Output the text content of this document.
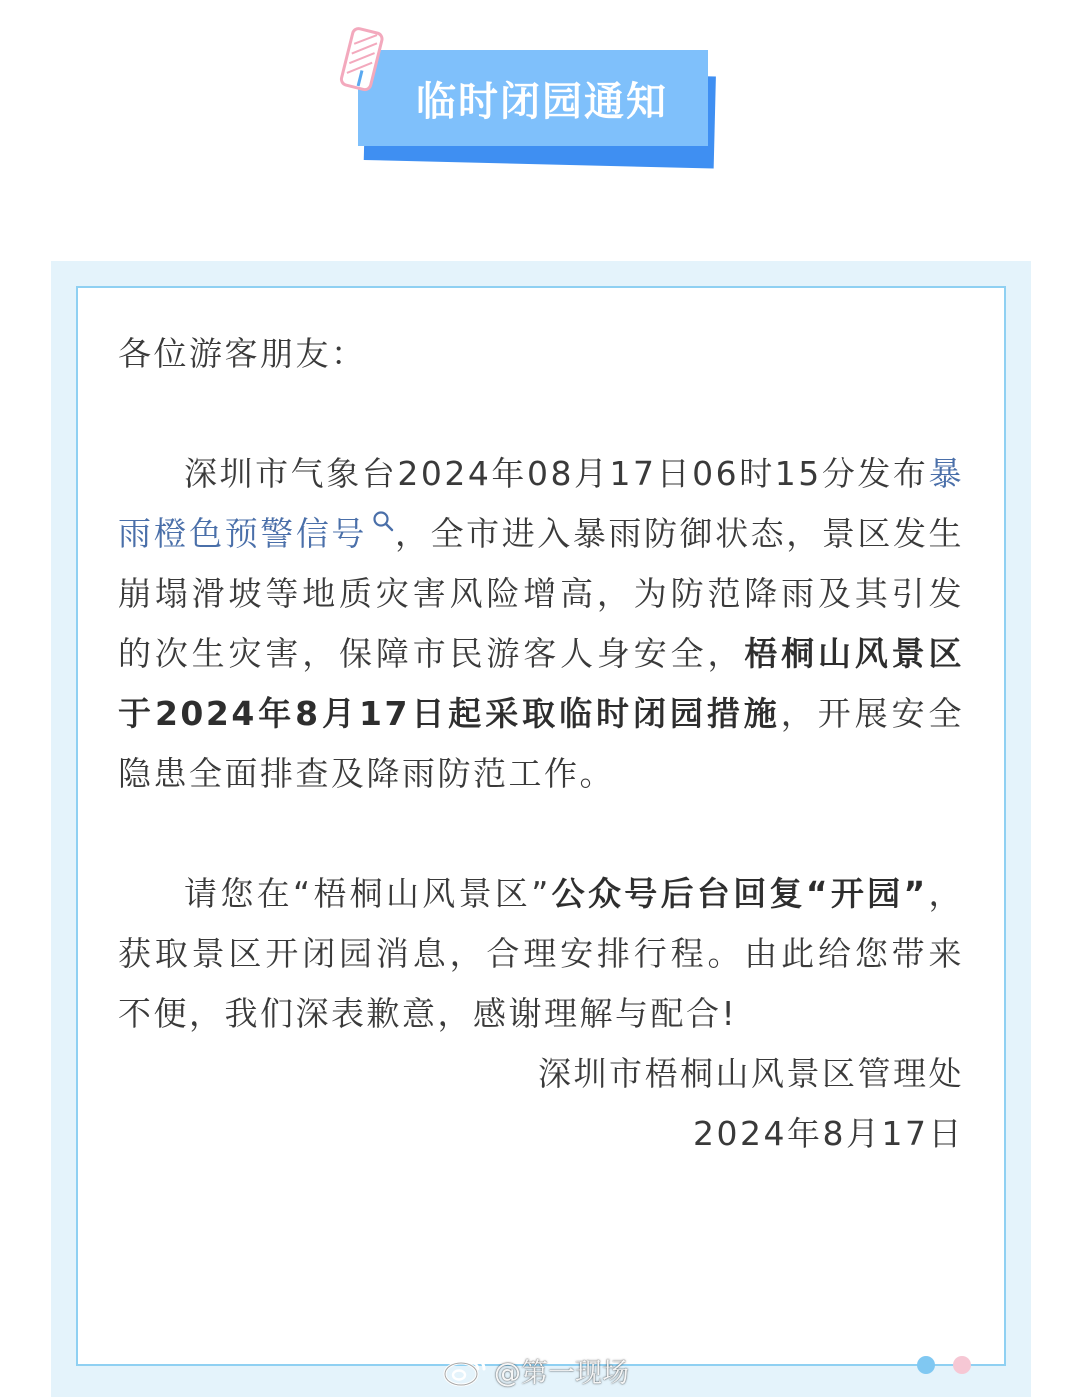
临时闭园通知

各位游客朋友：

深圳市气象台2024年08月17日06时15分发布暴雨橙色预警信号 ，全市进入暴雨防御状态，景区发生崩塌滑坡等地质灾害风险增高，为防范降雨及其引发的次生灾害，保障市民游客人身安全，梧桐山风景区于2024年8月17日起采取临时闭园措施，开展安全隐患全面排查及降雨防范工作。

请您在“梧桐山风景区”公众号后台回复“开园”，获取景区开闭园消息，合理安排行程。由此给您带来不便，我们深表歉意，感谢理解与配合!

深圳市梧桐山风景区管理处
2024年8月17日

@第一现场
